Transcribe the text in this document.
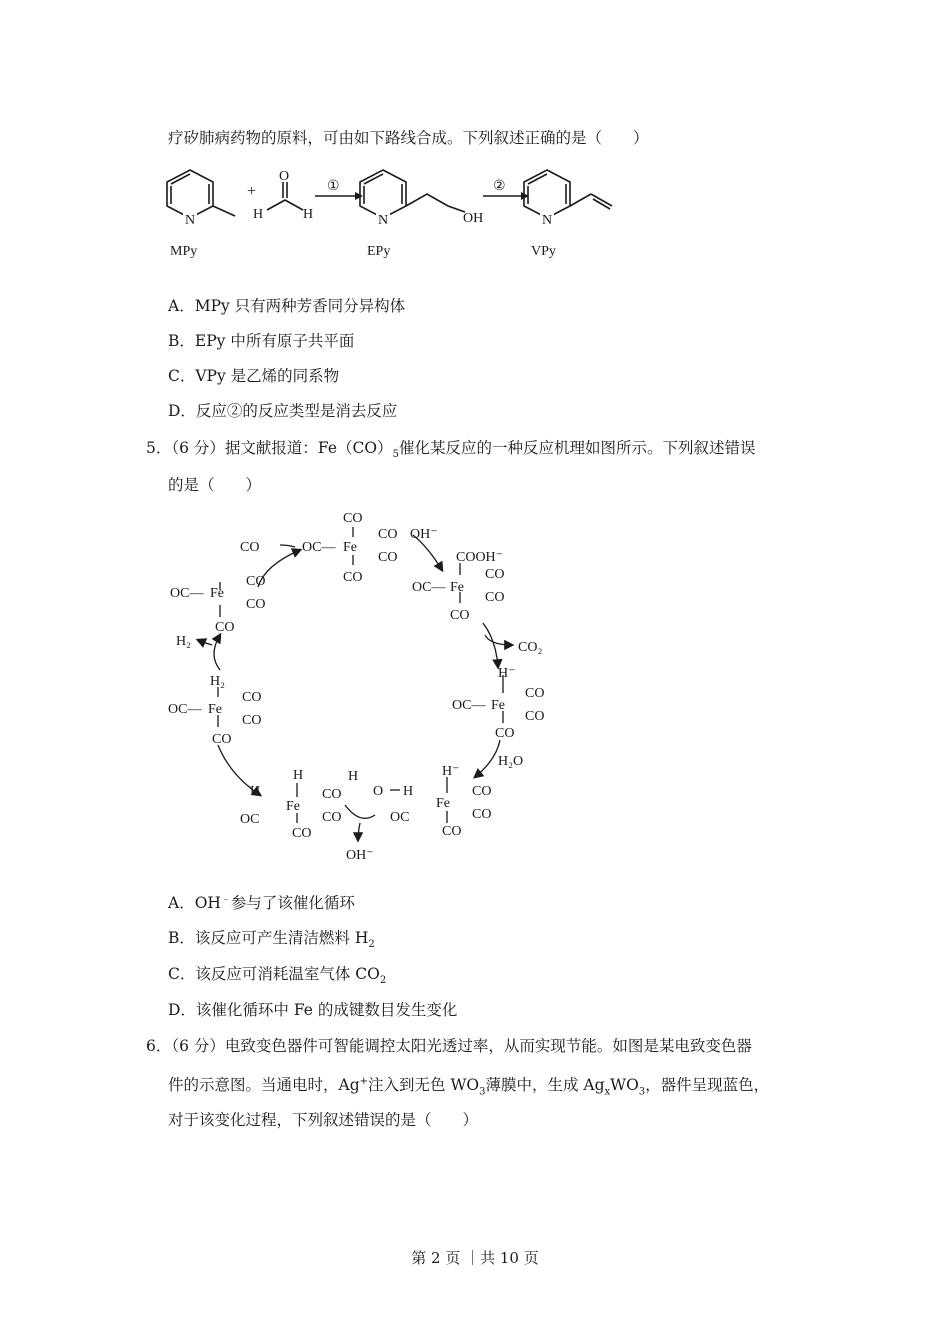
疗矽肺病药物的原料，可由如下路线合成。下列叙述正确的是（　　）
N	N	N
+
O
H	H
①	②
OH
MPy	EPy	VPy
A．MPy 只有两种芳香同分异构体
B．EPy 中所有原子共平面
C．VPy 是乙烯的同系物
D．反应②的反应类型是消去反应
5．（6 分）据文献报道：$Fe(CO)_5$催化某反应的一种反应机理如图所示。下列叙述错误
的是（　　）
CO
OC— Fe
CO
CO
CO
CO
OH⁻
COOH⁻
OC— Fe
CO
CO
CO
CO₂
OC— Fe
CO
CO
CO
H₂
H₂
OC— Fe
CO
CO
CO
H⁻
OC— Fe
CO
CO
CO
H₂O
H
H
OC
Fe
CO
CO
CO
H
O H
H⁻
OC
Fe
CO
CO
CO
OH⁻
A．OH﹣参与了该催化循环
B．该反应可产生清洁燃料 $H_2$
C．该反应可消耗温室气体 $CO_2$
D．该催化循环中 Fe 的成键数目发生变化
6．（6 分）电致变色器件可智能调控太阳光透过率，从而实现节能。如图是某电致变色器
件的示意图。当通电时，Ag+注入到无色 $WO_3$薄膜中，生成 $Ag_xWO_3$，器件呈现蓝色，
对于该变化过程，下列叙述错误的是（　　）
第 2 页 ｜共 10 页
